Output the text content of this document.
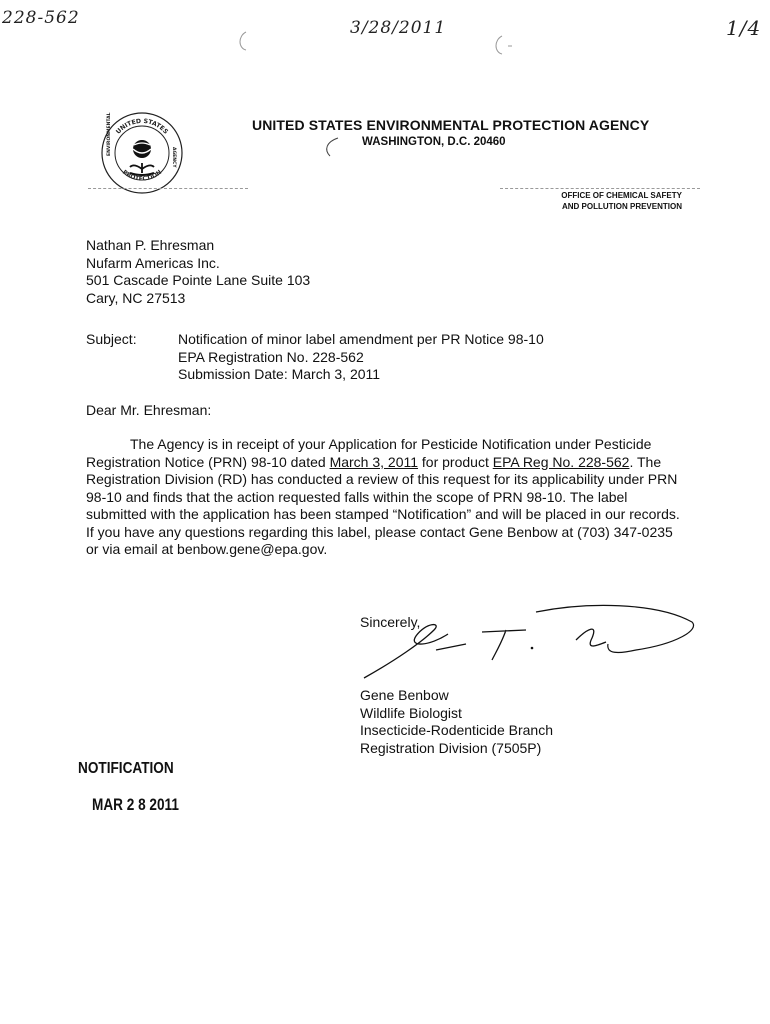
228-562	3/28/2011	1/4
UNITED STATES
PROTECTION
ENVIRONMENTAL
AGENCY
UNITED STATES ENVIRONMENTAL PROTECTION AGENCY
WASHINGTON, D.C. 20460
OFFICE OF CHEMICAL SAFETY
AND POLLUTION PREVENTION
Nathan P. Ehresman
Nufarm Americas Inc.
501 Cascade Pointe Lane Suite 103
Cary, NC 27513
Subject:	Notification of minor label amendment per PR Notice 98-10
EPA Registration No. 228-562
Submission Date: March 3, 2011
Dear Mr. Ehresman:
The Agency is in receipt of your Application for Pesticide Notification under Pesticide Registration Notice (PRN) 98-10 dated March 3, 2011 for product EPA Reg No. 228-562. The Registration Division (RD) has conducted a review of this request for its applicability under PRN 98-10 and finds that the action requested falls within the scope of PRN 98-10. The label submitted with the application has been stamped “Notification” and will be placed in our records. If you have any questions regarding this label, please contact Gene Benbow at (703) 347-0235 or via email at benbow.gene@epa.gov.
Sincerely,
Gene Benbow
Wildlife Biologist
Insecticide-Rodenticide Branch
Registration Division (7505P)
NOTIFICATION
MAR 2 8 2011
